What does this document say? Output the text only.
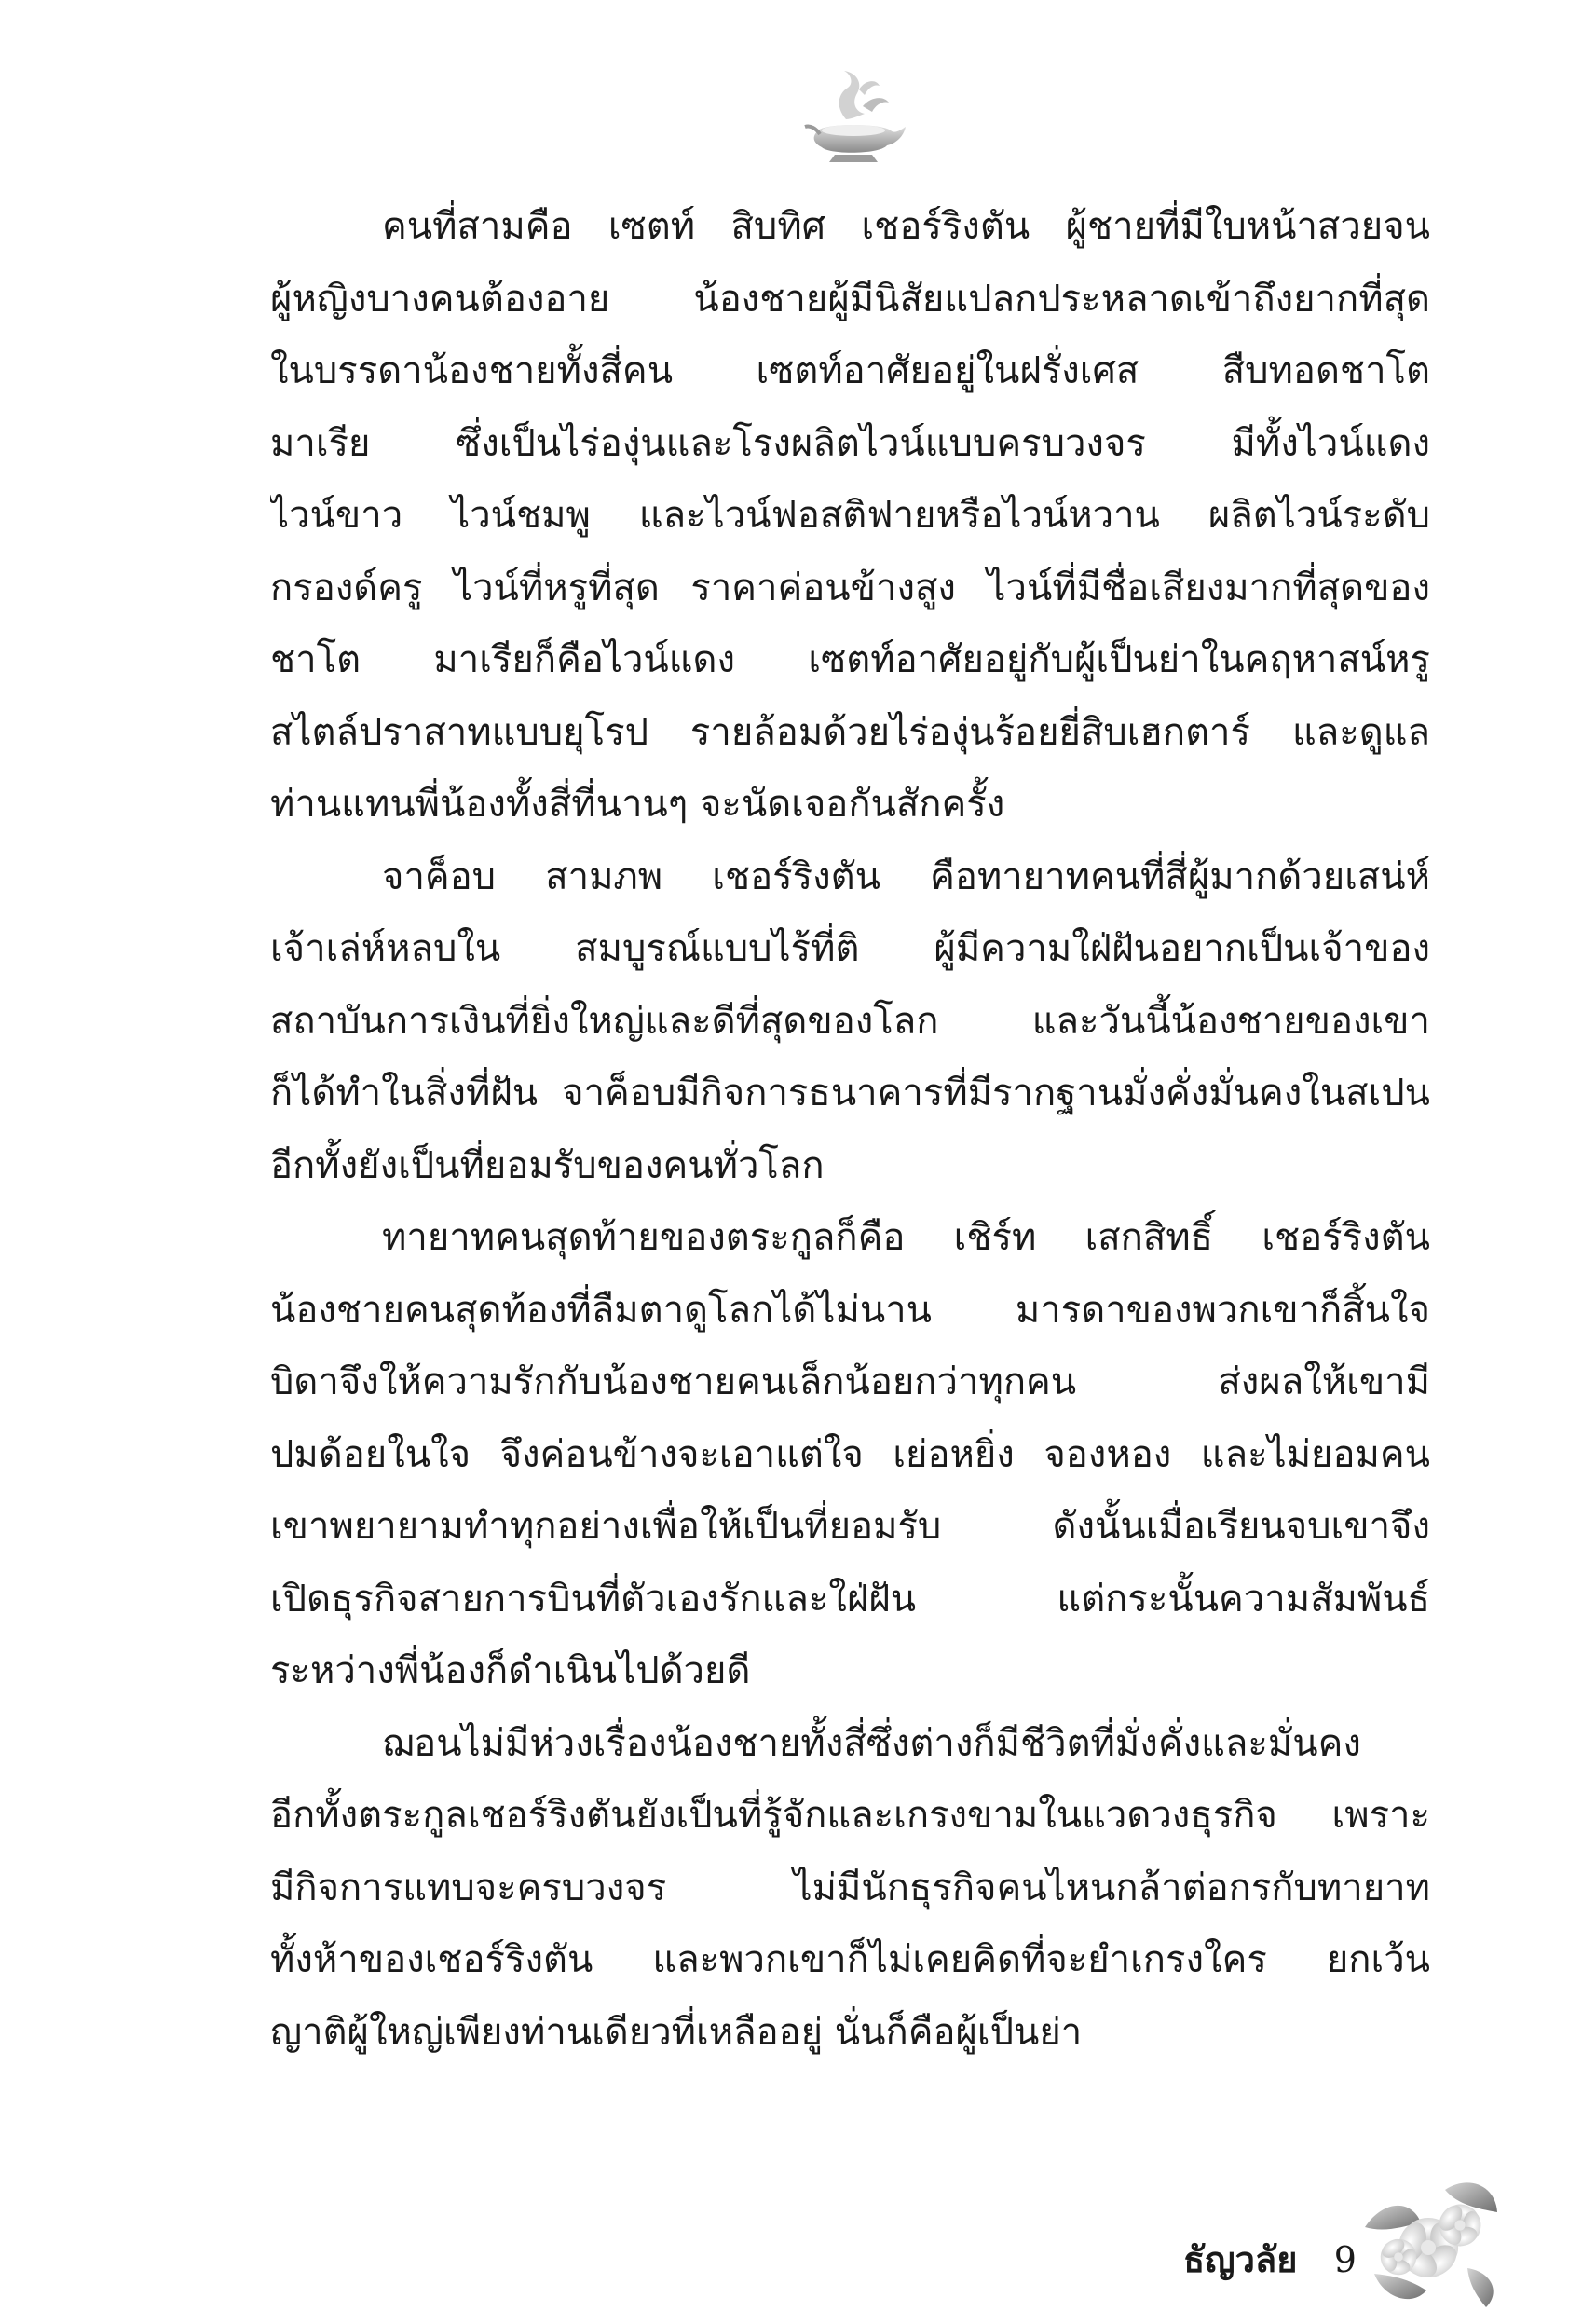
คนที่สามคือ เซตท์ สิบทิศ เชอร์ริงตัน ผู้ชายที่มีใบหน้าสวยจน
ผู้หญิงบางคนต้องอาย น้องชายผู้มีนิสัยแปลกประหลาดเข้าถึงยากที่สุด
ในบรรดาน้องชายทั้งสี่คน เซตท์อาศัยอยู่ในฝรั่งเศส สืบทอดชาโต
มาเรีย ซึ่งเป็นไร่องุ่นและโรงผลิตไวน์แบบครบวงจร มีทั้งไวน์แดง
ไวน์ขาว ไวน์ชมพู และไวน์ฟอสติฟายหรือไวน์หวาน ผลิตไวน์ระดับ
กรองด์ครู ไวน์ที่หรูที่สุด ราคาค่อนข้างสูง ไวน์ที่มีชื่อเสียงมากที่สุดของ
ชาโต มาเรียก็คือไวน์แดง เซตท์อาศัยอยู่กับผู้เป็นย่าในคฤหาสน์หรู
สไตล์ปราสาทแบบยุโรป รายล้อมด้วยไร่องุ่นร้อยยี่สิบเฮกตาร์ และดูแล
ท่านแทนพี่น้องทั้งสี่ที่นานๆ จะนัดเจอกันสักครั้ง
จาค็อบ สามภพ เชอร์ริงตัน คือทายาทคนที่สี่ผู้มากด้วยเสน่ห์
เจ้าเล่ห์หลบใน สมบูรณ์แบบไร้ที่ติ ผู้มีความใฝ่ฝันอยากเป็นเจ้าของ
สถาบันการเงินที่ยิ่งใหญ่และดีที่สุดของโลก และวันนี้น้องชายของเขา
ก็ได้ทำในสิ่งที่ฝัน จาค็อบมีกิจการธนาคารที่มีรากฐานมั่งคั่งมั่นคงในสเปน
อีกทั้งยังเป็นที่ยอมรับของคนทั่วโลก
ทายาทคนสุดท้ายของตระกูลก็คือ เชิร์ท เสกสิทธิ์ เชอร์ริงตัน
น้องชายคนสุดท้องที่ลืมตาดูโลกได้ไม่นาน มารดาของพวกเขาก็สิ้นใจ
บิดาจึงให้ความรักกับน้องชายคนเล็กน้อยกว่าทุกคน ส่งผลให้เขามี
ปมด้อยในใจ จึงค่อนข้างจะเอาแต่ใจ เย่อหยิ่ง จองหอง และไม่ยอมคน
เขาพยายามทำทุกอย่างเพื่อให้เป็นที่ยอมรับ ดังนั้นเมื่อเรียนจบเขาจึง
เปิดธุรกิจสายการบินที่ตัวเองรักและใฝ่ฝัน แต่กระนั้นความสัมพันธ์
ระหว่างพี่น้องก็ดำเนินไปด้วยดี
ฌอนไม่มีห่วงเรื่องน้องชายทั้งสี่ซึ่งต่างก็มีชีวิตที่มั่งคั่งและมั่นคง
อีกทั้งตระกูลเชอร์ริงตันยังเป็นที่รู้จักและเกรงขามในแวดวงธุรกิจ เพราะ
มีกิจการแทบจะครบวงจร ไม่มีนักธุรกิจคนไหนกล้าต่อกรกับทายาท
ทั้งห้าของเชอร์ริงตัน และพวกเขาก็ไม่เคยคิดที่จะยำเกรงใคร ยกเว้น
ญาติผู้ใหญ่เพียงท่านเดียวที่เหลืออยู่ นั่นก็คือผู้เป็นย่า
ธัญวลัย 9
